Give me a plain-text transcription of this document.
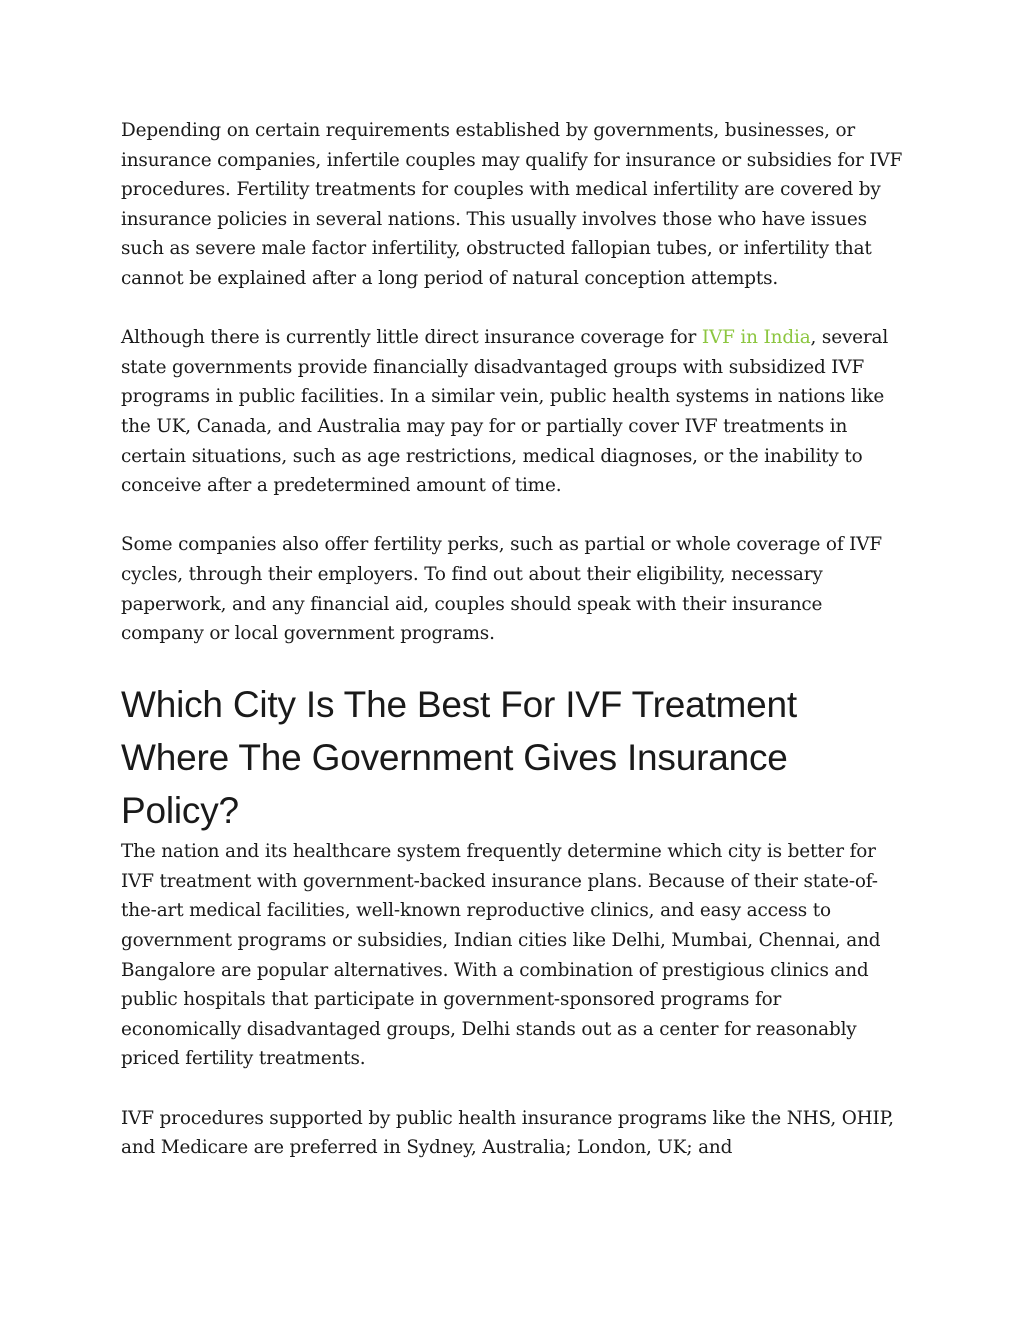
Depending on certain requirements established by governments, businesses, or insurance companies, infertile couples may qualify for insurance or subsidies for IVF procedures. Fertility treatments for couples with medical infertility are covered by insurance policies in several nations. This usually involves those who have issues such as severe male factor infertility, obstructed fallopian tubes, or infertility that cannot be explained after a long period of natural conception attempts.

Although there is currently little direct insurance coverage for IVF in India, several state governments provide financially disadvantaged groups with subsidized IVF programs in public facilities. In a similar vein, public health systems in nations like the UK, Canada, and Australia may pay for or partially cover IVF treatments in certain situations, such as age restrictions, medical diagnoses, or the inability to conceive after a predetermined amount of time.

Some companies also offer fertility perks, such as partial or whole coverage of IVF cycles, through their employers. To find out about their eligibility, necessary paperwork, and any financial aid, couples should speak with their insurance company or local government programs.

Which City Is The Best For IVF Treatment Where The Government Gives Insurance Policy?

The nation and its healthcare system frequently determine which city is better for IVF treatment with government-backed insurance plans. Because of their state-of-the-art medical facilities, well-known reproductive clinics, and easy access to government programs or subsidies, Indian cities like Delhi, Mumbai, Chennai, and Bangalore are popular alternatives. With a combination of prestigious clinics and public hospitals that participate in government-sponsored programs for economically disadvantaged groups, Delhi stands out as a center for reasonably priced fertility treatments.

IVF procedures supported by public health insurance programs like the NHS, OHIP, and Medicare are preferred in Sydney, Australia; London, UK; and
